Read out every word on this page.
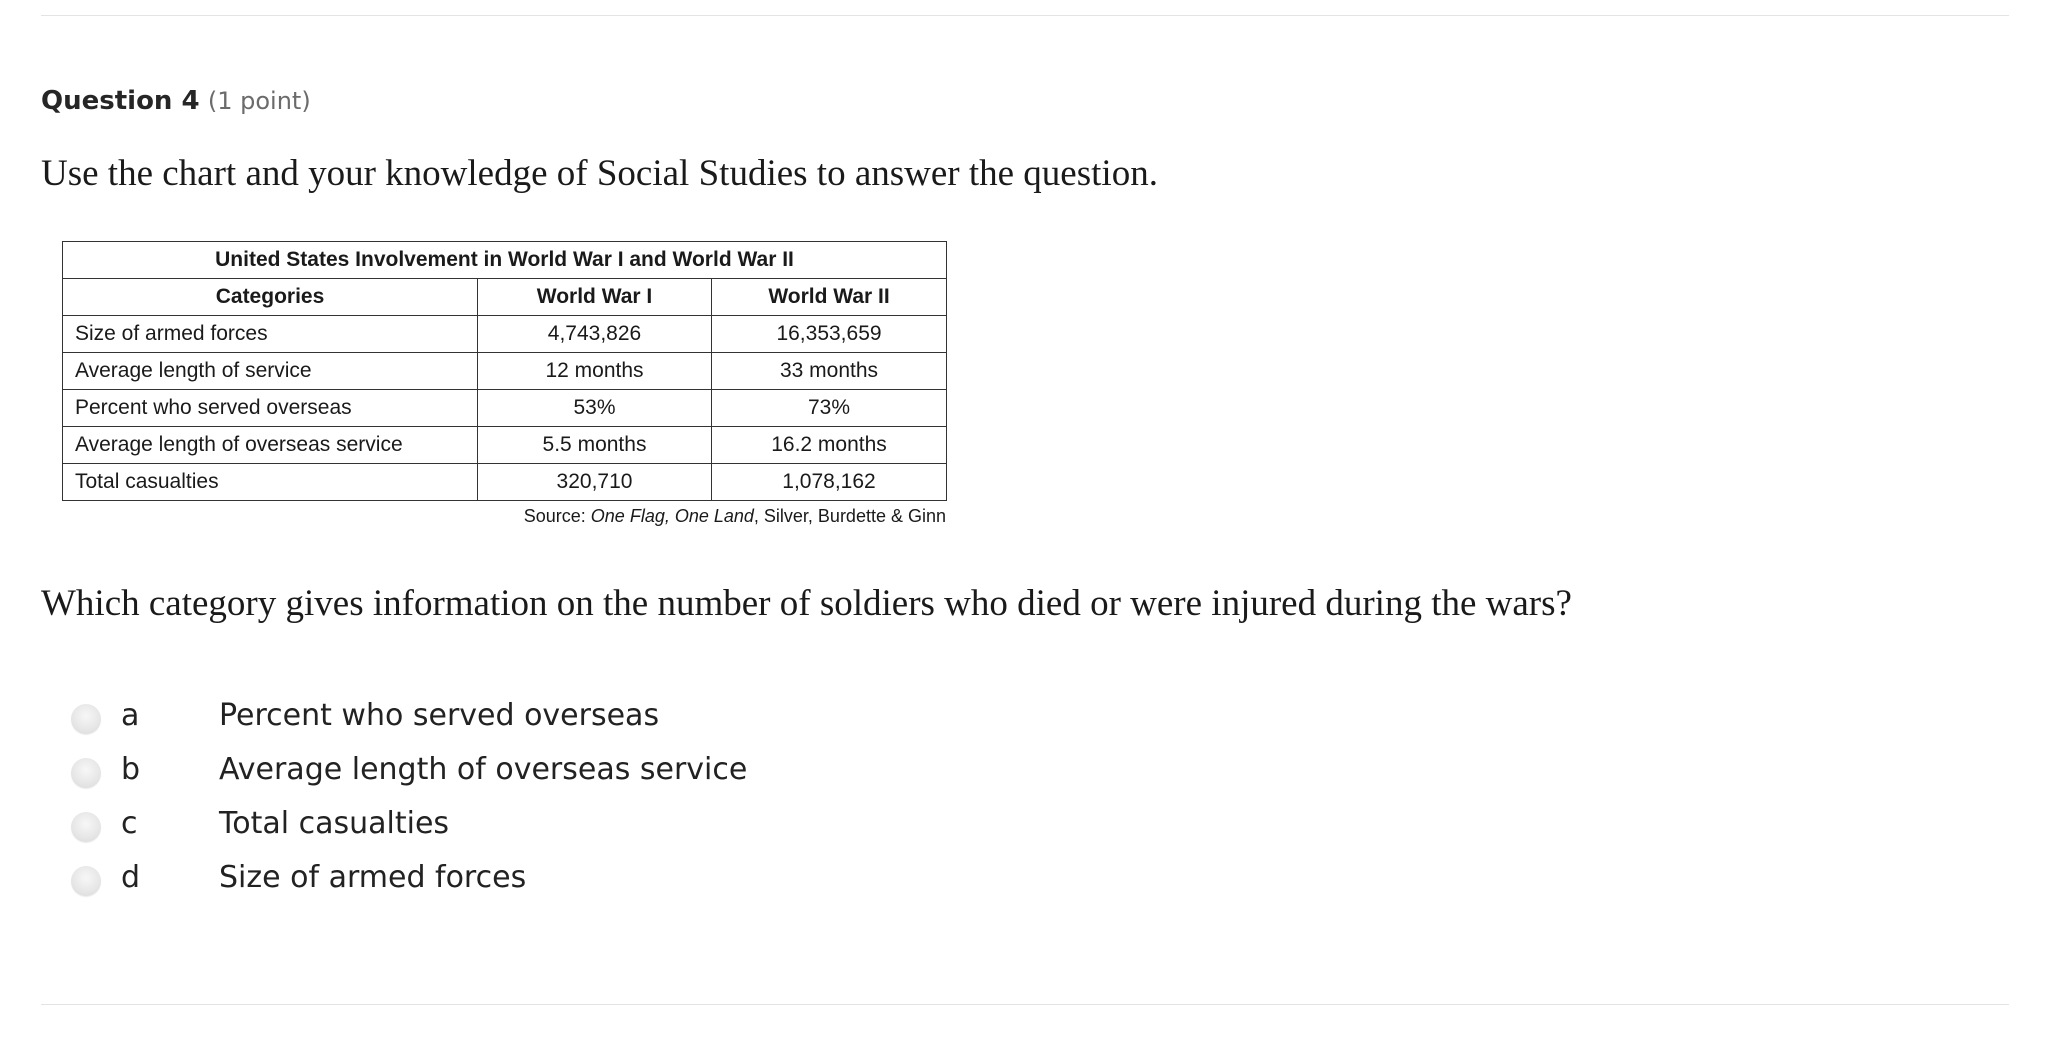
Question 4 (1 point)
Use the chart and your knowledge of Social Studies to answer the question.
United States Involvement in World War I and World War II		
Categories	World War I	World War II
Size of armed forces	4,743,826	16,353,659
Average length of service	12 months	33 months
Percent who served overseas	53%	73%
Average length of overseas service	5.5 months	16.2 months
Total casualties	320,710	1,078,162
Source: One Flag, One Land, Silver, Burdette & Ginn
Which category gives information on the number of soldiers who died or were injured during the wars?
a	Percent who served overseas
b	Average length of overseas service
c	Total casualties
d	Size of armed forces
